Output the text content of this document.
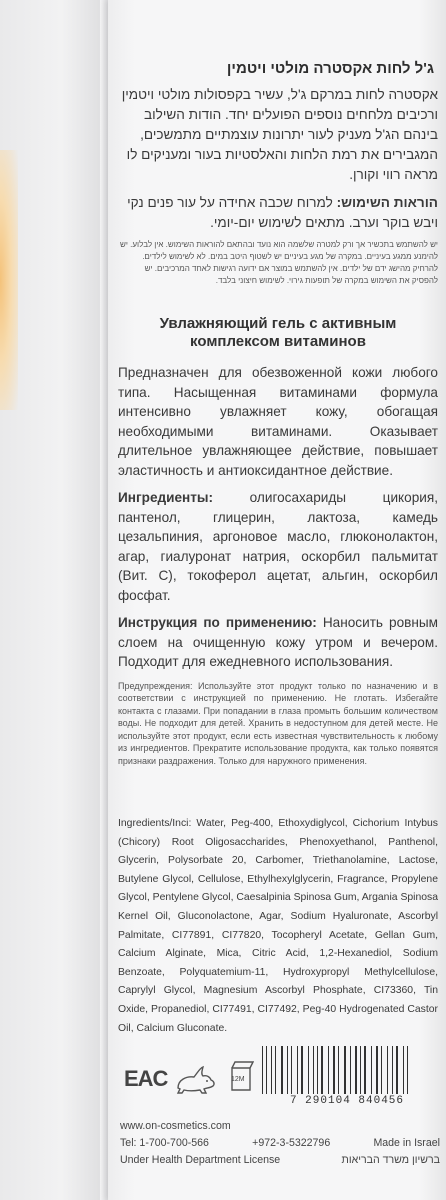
ג'ל לחות אקסטרה מולטי ויטמין

אקסטרה לחות במרקם ג'ל, עשיר בקפסולות מולטי ויטמין ורכיבים מלחחים נוספים הפועלים יחד. הודות השילוב בינהם הג'ל מעניק לעור יתרונות עוצמתיים מתמשכים, המגבירים את רמת הלחות והאלסטיות בעור ומעניקים לו מראה רווי וקורן.

הוראות השימוש: למרוח שכבה אחידה על עור פנים נקי ויבש בוקר וערב. מתאים לשימוש יום-יומי.

יש להשתמש בתכשיר אך ורק למטרה שלשמה הוא נועד ובהתאם להוראות השימוש. אין לבלוע. יש להימנע ממגע בעיניים. במקרה של מגע בעיניים יש לשטוף היטב במים. לא לשימוש לילדים. להרחיק מהישג ידם של ילדים. אין להשתמש במוצר אם ידועה רגישות לאחד המרכיבים. יש להפסיק את השימוש במקרה של תופעות גירוי. לשימוש חיצוני בלבד.
Увлажняющий гель с активным комплексом витаминов

Предназначен для обезвоженной кожи любого типа. Насыщенная витаминами формула интенсивно увлажняет кожу, обогащая необходимыми витаминами. Оказывает длительное увлажняющее действие, повышает эластичность и антиоксидантное действие.

Ингредиенты:	олигосахариды цикория, пантенол, глицерин, лактоза, камедь цезальпиния, аргоновое масло, глюконолактон, агар, гиалуронат натрия, оскорбил пальмитат (Вит. С), токоферол ацетат, альгин, оскорбил фосфат.

Инструкция по применению: Наносить ровным слоем на очищенную кожу утром и вечером. Подходит для ежедневного использования.

Предупреждения: Используйте этот продукт только по назначению и в соответствии с инструкцией по применению. Не глотать. Избегайте контакта с глазами. При попадании в глаза промыть большим количеством воды. Не подходит для детей. Хранить в недоступном для детей месте. Не используйте этот продукт, если есть известная чувствительность к любому из ингредиентов. Прекратите использование продукта, как только появятся признаки раздражения. Только для наружного применения.
Ingredients/Inci: Water, Peg-400, Ethoxydiglycol, Cichorium Intybus (Chicory) Root Oligosaccharides, Phenoxyethanol, Panthenol, Glycerin, Polysorbate 20, Carbomer, Triethanolamine, Lactose, Butylene Glycol, Cellulose, Ethylhexylglycerin, Fragrance, Propylene Glycol, Pentylene Glycol, Caesalpinia Spinosa Gum, Argania Spinosa Kernel Oil, Gluconolactone, Agar, Sodium Hyaluronate, Ascorbyl Palmitate, CI77891, CI77820, Tocopheryl Acetate, Gellan Gum, Calcium Alginate, Mica, Citric Acid, 1,2-Hexanediol, Sodium Benzoate, Polyquatemium-11, Hydroxypropyl Methylcellulose, Caprylyl Glycol, Magnesium Ascorbyl Phosphate, CI73360, Tin Oxide, Propanediol, CI77491, CI77492, Peg-40 Hydrogenated Castor Oil, Calcium Gluconate.
EAC	12M
7 290104 840456
www.on-cosmetics.com
Tel: 1-700-700-566	+972-3-5322796	Made in Israel
Under Health Department License	ברשיון משרד הבריאות
